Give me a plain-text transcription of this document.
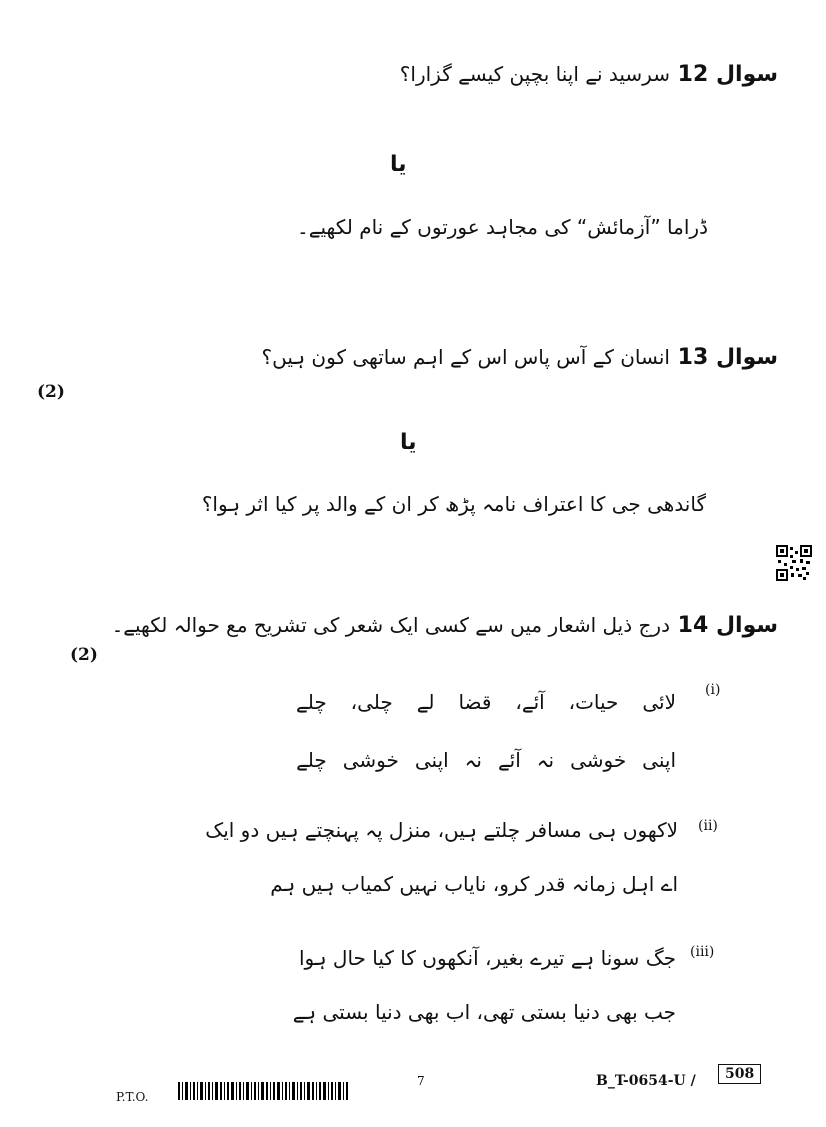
سوال 12 سرسید نے اپنا بچپن کیسے گزارا؟
یا
ڈراما ”آزمائش“ کی مجاہد عورتوں کے نام لکھیے۔
سوال 13 انسان کے آس پاس اس کے اہم ساتھی کون ہیں؟
(2)
یا
گاندھی جی کا اعتراف نامہ پڑھ کر ان کے والد پر کیا اثر ہوا؟
سوال 14 درج ذیل اشعار میں سے کسی ایک شعر کی تشریح مع حوالہ لکھیے۔
(2)
(i)
لائی
حیات،
آئے،
قضا
لے
چلی،
چلے
اپنی
خوشی
نہ
آئے
نہ
اپنی
خوشی
چلے
(ii)
لاکھوں ہی مسافر چلتے ہیں، منزل پہ پہنچتے ہیں دو ایک
اے اہل زمانہ قدر کرو، نایاب نہیں کمیاب ہیں ہم
(iii)
جگ سونا ہے تیرے بغیر، آنکھوں کا کیا حال ہوا
جب بھی دنیا بستی تھی، اب بھی دنیا بستی ہے
P.T.O.
7	B_T-0654-U /	508
